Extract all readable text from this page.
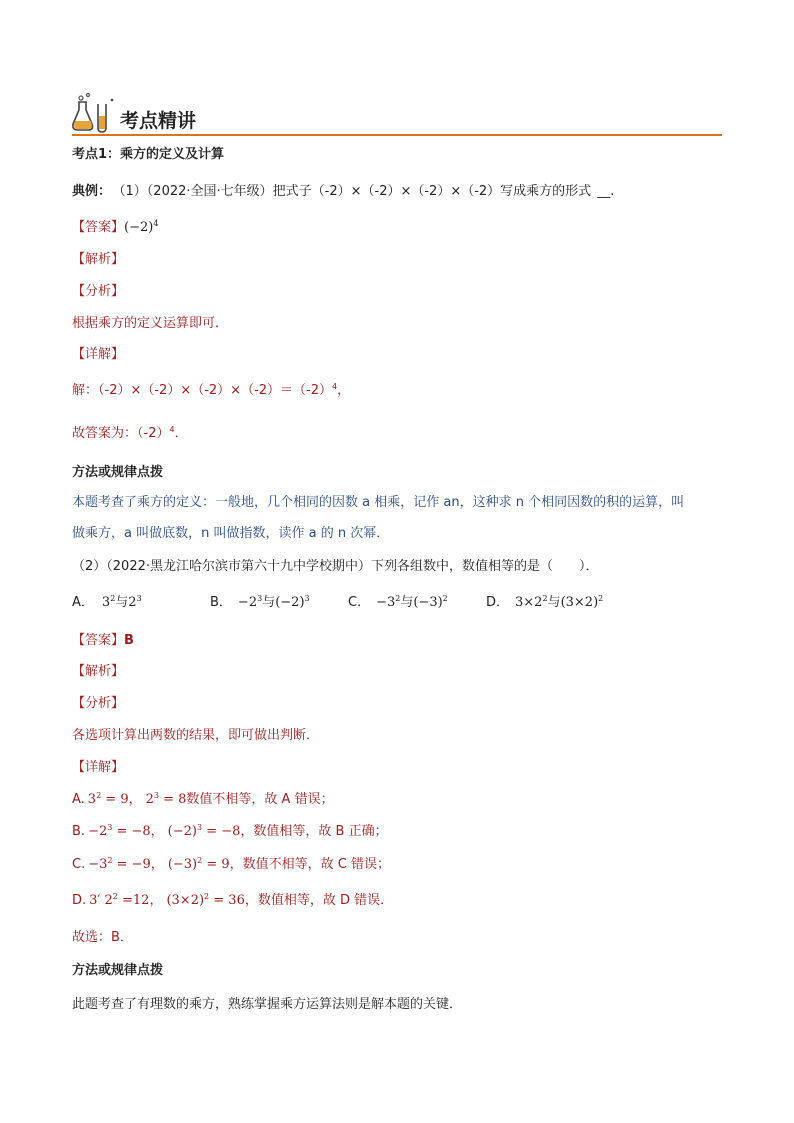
考点精讲
考点1：乘方的定义及计算
典例： （1）（2022·全国·七年级）把式子（-2）×（-2）×（-2）×（-2）写成乘方的形式 __.
【答案】$(-2)^4$
【解析】
【分析】
根据乘方的定义运算即可．
【详解】
解：$(-2)\times(-2)\times(-2)\times(-2)=(-2)^4$，
故答案为：$(-2)^4$．
方法或规律点拨
本题考查了乘方的定义：一般地，几个相同的因数 a 相乘，记作 an，这种求 n 个相同因数的积的运算，叫
做乘方，a 叫做底数，n 叫做指数，读作 a 的 n 次幂．
（2）（2022·黑龙江哈尔滨市第六十九中学校期中）下列各组数中，数值相等的是（　　）．
A． $3^2$与$2^3$	B． $-2^3$与$(-2)^3$	C． $-3^2$与$(-3)^2$	D． $3\times 2^2$与$(3\times 2)^2$
【答案】B
【解析】
【分析】
各选项计算出两数的结果，即可做出判断．
【详解】
A. $3^2 = 9$， $2^3 = 8$数值不相等，故 A 错误；
B. $-2^3 = -8$， $(-2)^3 = -8$，数值相等，故 B 正确；
C. $-3^2 = -9$， $(-3)^2 = 9$，数值不相等，故 C 错误；
D. 3′ $2^2 =12$， $(3\times 2)^2 = 36$，数值相等，故 D 错误．
故选：B．
方法或规律点拨
此题考查了有理数的乘方，熟练掌握乘方运算法则是解本题的关键．
